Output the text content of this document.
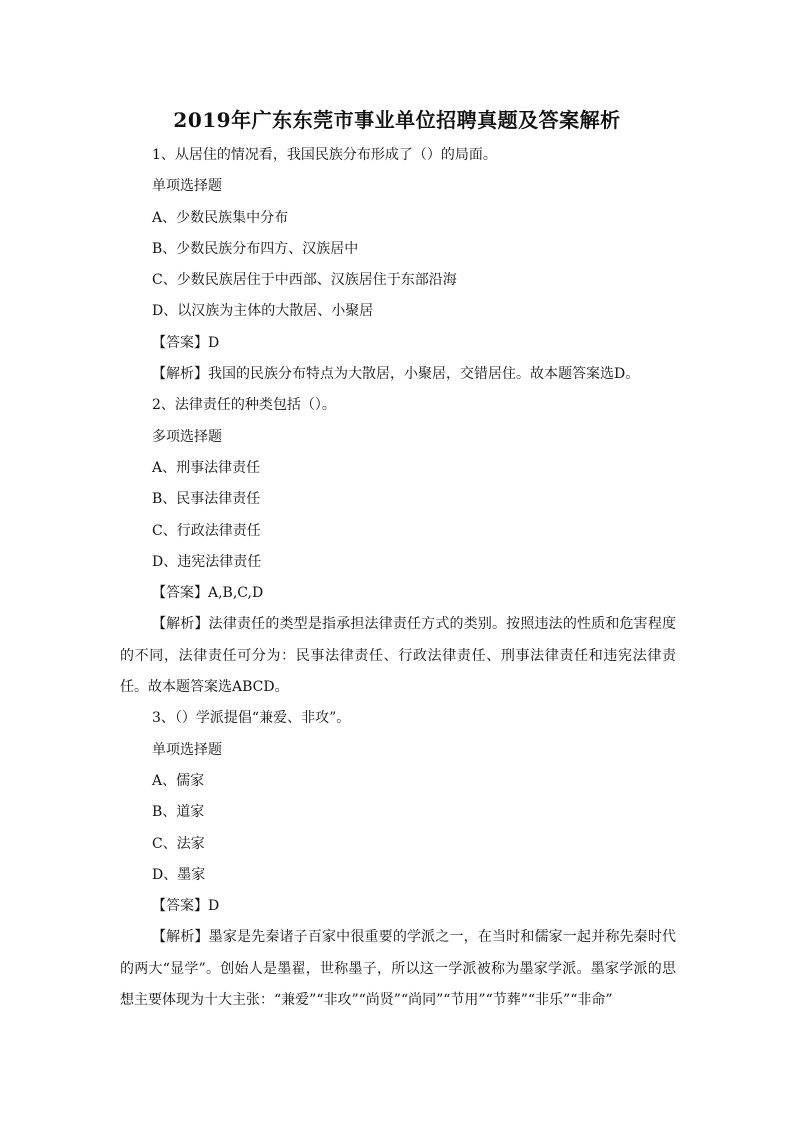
2019年广东东莞市事业单位招聘真题及答案解析
1、从居住的情况看，我国民族分布形成了（）的局面。
单项选择题
A、少数民族集中分布
B、少数民族分布四方、汉族居中
C、少数民族居住于中西部、汉族居住于东部沿海
D、以汉族为主体的大散居、小聚居
【答案】D
【解析】我国的民族分布特点为大散居，小聚居，交错居住。故本题答案选D。
2、法律责任的种类包括（）。
多项选择题
A、刑事法律责任
B、民事法律责任
C、行政法律责任
D、违宪法律责任
【答案】A,B,C,D
【解析】法律责任的类型是指承担法律责任方式的类别。按照违法的性质和危害程度的不同，法律责任可分为：民事法律责任、行政法律责任、刑事法律责任和违宪法律责任。故本题答案选ABCD。
3、（）学派提倡“兼爱、非攻”。
单项选择题
A、儒家
B、道家
C、法家
D、墨家
【答案】D
【解析】墨家是先秦诸子百家中很重要的学派之一，在当时和儒家一起并称先秦时代的两大“显学”。创始人是墨翟，世称墨子，所以这一学派被称为墨家学派。墨家学派的思想主要体现为十大主张：“兼爱”“非攻”“尚贤”“尚同”“节用”“节葬”“非乐”“非命”
